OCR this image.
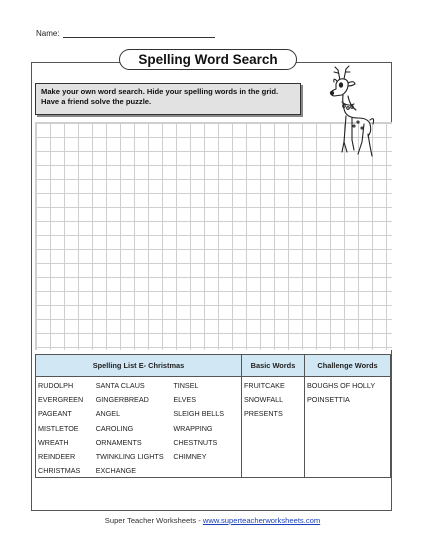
Name:
Spelling Word Search
Make your own word search. Hide your spelling words in the grid. Have a friend solve the puzzle.
Spelling List E- Christmas	Basic Words	Challenge Words
RUDOLPH
EVERGREEN
PAGEANT
MISTLETOE
WREATH
REINDEER
CHRISTMAS
SANTA CLAUS
GINGERBREAD
ANGEL
CAROLING
ORNAMENTS
TWINKLING LIGHTS
EXCHANGE
TINSEL
ELVES
SLEIGH BELLS
WRAPPING
CHESTNUTS
CHIMNEY
FRUITCAKE
SNOWFALL
PRESENTS
BOUGHS OF HOLLY
POINSETTIA
Super Teacher Worksheets - www.superteacherworksheets.com
